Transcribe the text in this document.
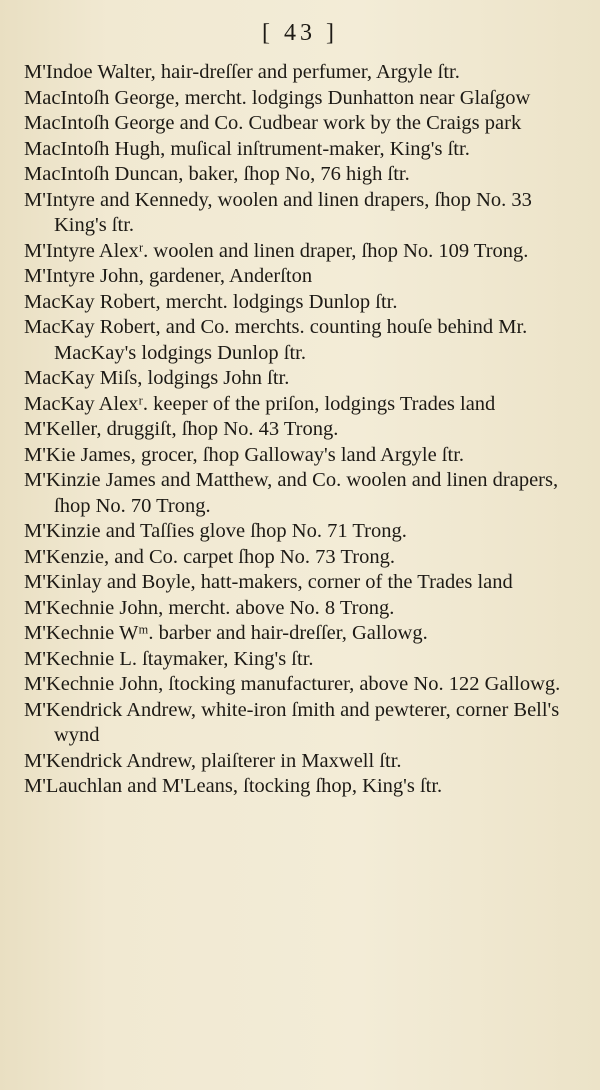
[ 43 ]

M'Indoe Walter, hair-dreſſer and perfumer, Argyle ſtr.

MacIntoſh George, mercht. lodgings Dunhatton near Glaſgow

MacIntoſh George and Co. Cudbear work by the Craigs park

MacIntoſh Hugh, muſical inſtrument-maker, King's ſtr.

MacIntoſh Duncan, baker, ſhop No, 76 high ſtr.

M'Intyre and Kennedy, woolen and linen drapers, ſhop No. 33 King's ſtr.

M'Intyre Alexʳ. woolen and linen draper, ſhop No. 109 Trong.

M'Intyre John, gardener, Anderſton

MacKay Robert, mercht. lodgings Dunlop ſtr.

MacKay Robert, and Co. merchts. counting houſe behind Mr. MacKay's lodgings Dunlop ſtr.

MacKay Miſs, lodgings John ſtr.

MacKay Alexʳ. keeper of the priſon, lodgings Trades land

M'Keller, druggiſt, ſhop No. 43 Trong.

M'Kie James, grocer, ſhop Galloway's land Argyle ſtr.

M'Kinzie James and Matthew, and Co. woolen and linen drapers, ſhop No. 70 Trong.

M'Kinzie and Taſſies glove ſhop No. 71 Trong.

M'Kenzie, and Co. carpet ſhop No. 73 Trong.

M'Kinlay and Boyle, hatt-makers, corner of the Trades land

M'Kechnie John, mercht. above No. 8 Trong.

M'Kechnie Wᵐ. barber and hair-dreſſer, Gallowg.

M'Kechnie L. ſtaymaker, King's ſtr.

M'Kechnie John, ſtocking manufacturer, above No. 122 Gallowg.

M'Kendrick Andrew, white-iron ſmith and pewterer, corner Bell's wynd

M'Kendrick Andrew, plaiſterer in Maxwell ſtr.

M'Lauchlan and M'Leans, ſtocking ſhop, King's ſtr.
